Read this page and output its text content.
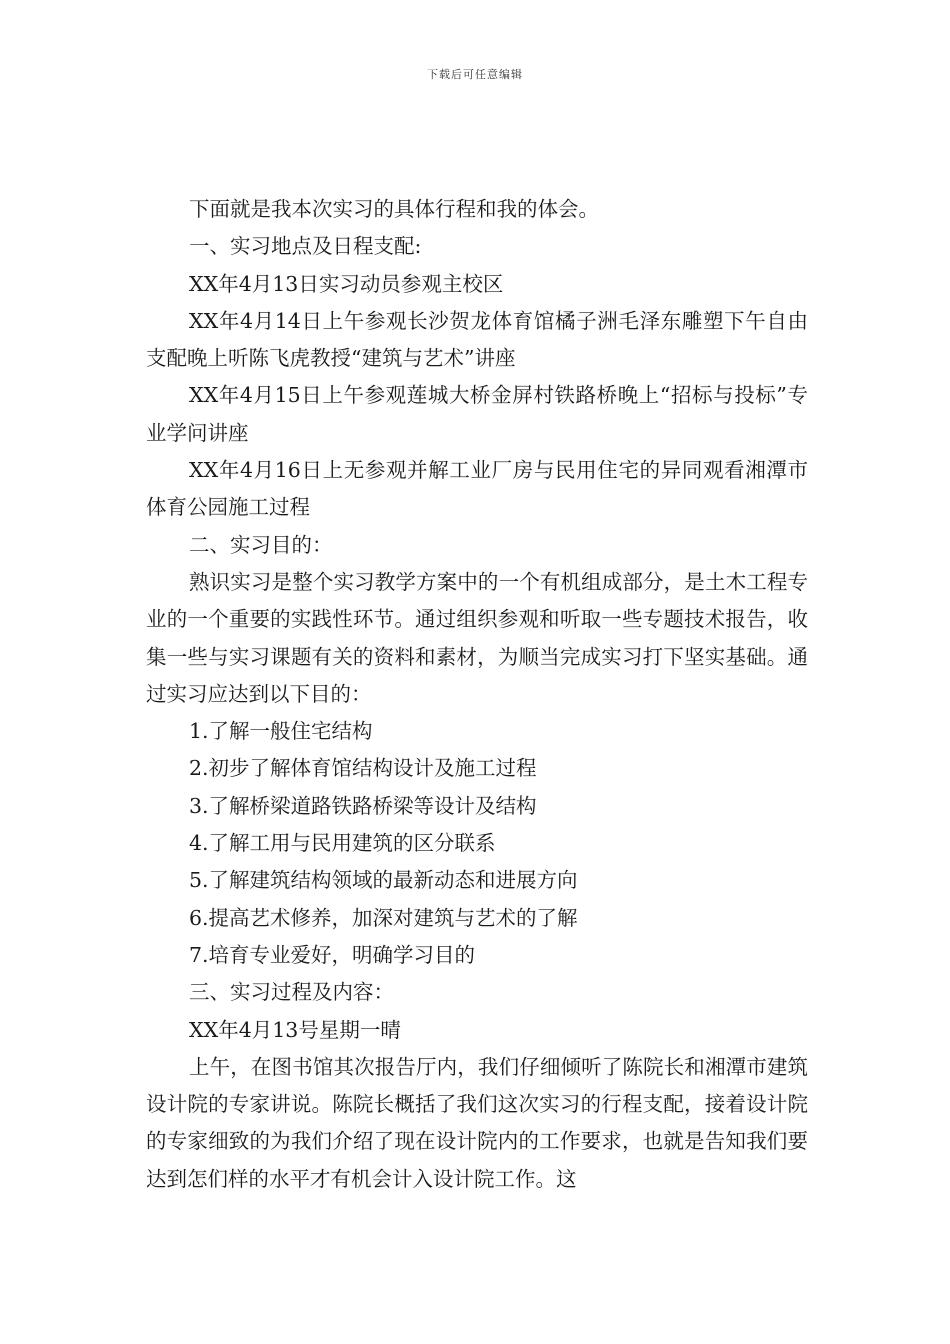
下载后可任意编辑

下面就是我本次实习的具体行程和我的体会。

一、实习地点及日程支配:

XX年4月13日实习动员参观主校区

XX年4月14日上午参观长沙贺龙体育馆橘子洲毛泽东雕塑下午自由支配晚上听陈飞虎教授“建筑与艺术”讲座

XX年4月15日上午参观莲城大桥金屏村铁路桥晚上“招标与投标”专业学问讲座

XX年4月16日上无参观并解工业厂房与民用住宅的异同观看湘潭市体育公园施工过程

二、实习目的：

熟识实习是整个实习教学方案中的一个有机组成部分，是土木工程专业的一个重要的实践性环节。通过组织参观和听取一些专题技术报告，收集一些与实习课题有关的资料和素材，为顺当完成实习打下坚实基础。通过实习应达到以下目的：

1.了解一般住宅结构

2.初步了解体育馆结构设计及施工过程

3.了解桥梁道路铁路桥梁等设计及结构

4.了解工用与民用建筑的区分联系

5.了解建筑结构领域的最新动态和进展方向

6.提高艺术修养，加深对建筑与艺术的了解

7.培育专业爱好，明确学习目的

三、实习过程及内容：

XX年4月13号星期一晴

上午，在图书馆其次报告厅内，我们仔细倾听了陈院长和湘潭市建筑设计院的专家讲说。陈院长概括了我们这次实习的行程支配，接着设计院的专家细致的为我们介绍了现在设计院内的工作要求，也就是告知我们要达到怎们样的水平才有机会计入设计院工作。这
